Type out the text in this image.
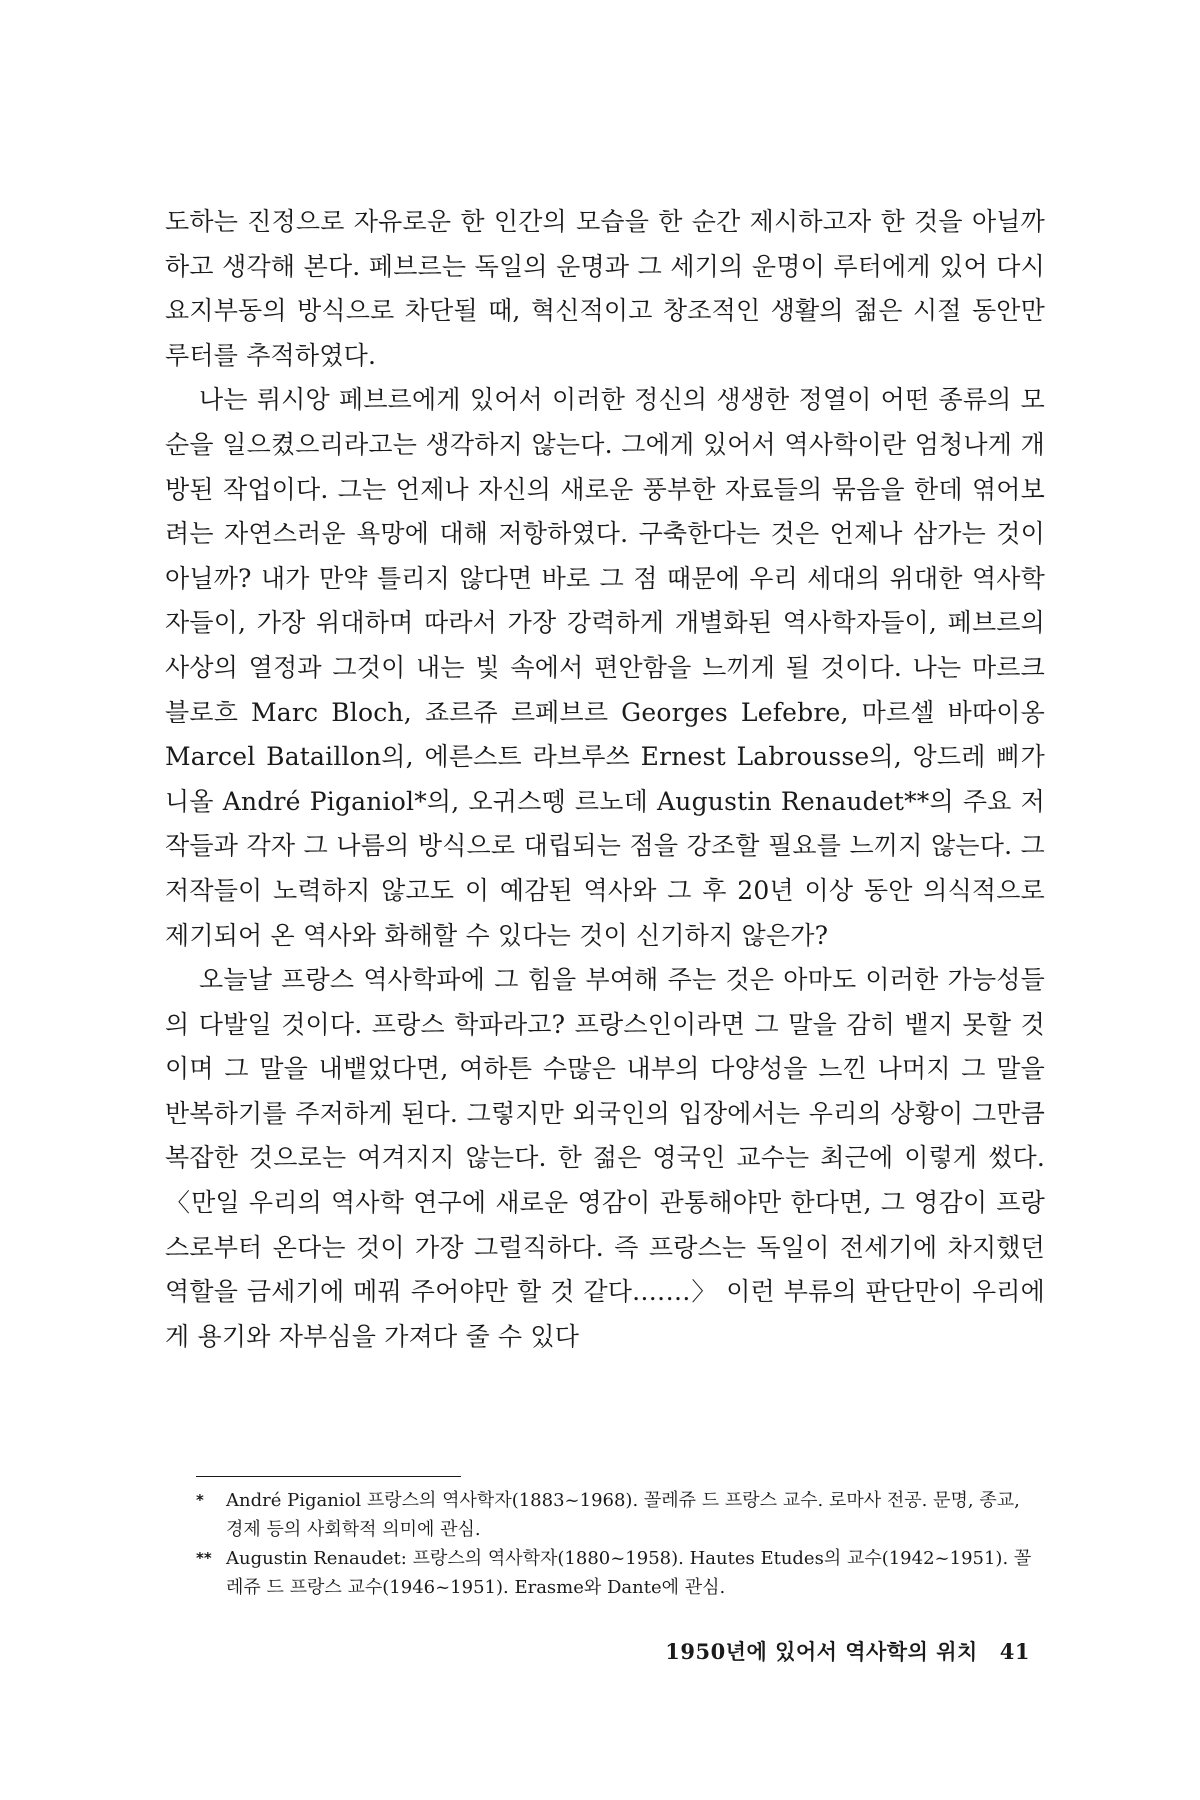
도하는 진정으로 자유로운 한 인간의 모습을 한 순간 제시하고자 한 것을 아닐까 하고 생각해 본다. 페브르는 독일의 운명과 그 세기의 운명이 루터에게 있어 다시 요지부동의 방식으로 차단될 때, 혁신적이고 창조적인 생활의 젊은 시절 동안만 루터를 추적하였다.

나는 뤼시앙 페브르에게 있어서 이러한 정신의 생생한 정열이 어떤 종류의 모순을 일으켰으리라고는 생각하지 않는다. 그에게 있어서 역사학이란 엄청나게 개방된 작업이다. 그는 언제나 자신의 새로운 풍부한 자료들의 묶음을 한데 엮어보려는 자연스러운 욕망에 대해 저항하였다. 구축한다는 것은 언제나 삼가는 것이 아닐까? 내가 만약 틀리지 않다면 바로 그 점 때문에 우리 세대의 위대한 역사학자들이, 가장 위대하며 따라서 가장 강력하게 개별화된 역사학자들이, 페브르의 사상의 열정과 그것이 내는 빛 속에서 편안함을 느끼게 될 것이다. 나는 마르크 블로흐 Marc Bloch, 죠르쥬 르페브르 Georges Lefebre, 마르셀 바따이옹 Marcel Bataillon의, 에른스트 라브루쓰 Ernest Labrousse의, 앙드레 삐가니올 André Piganiol*의, 오귀스뗑 르노데 Augustin Renaudet**의 주요 저작들과 각자 그 나름의 방식으로 대립되는 점을 강조할 필요를 느끼지 않는다. 그 저작들이 노력하지 않고도 이 예감된 역사와 그 후 20년 이상 동안 의식적으로 제기되어 온 역사와 화해할 수 있다는 것이 신기하지 않은가?

오늘날 프랑스 역사학파에 그 힘을 부여해 주는 것은 아마도 이러한 가능성들의 다발일 것이다. 프랑스 학파라고? 프랑스인이라면 그 말을 감히 뱉지 못할 것이며 그 말을 내뱉었다면, 여하튼 수많은 내부의 다양성을 느낀 나머지 그 말을 반복하기를 주저하게 된다. 그렇지만 외국인의 입장에서는 우리의 상황이 그만큼 복잡한 것으로는 여겨지지 않는다. 한 젊은 영국인 교수는 최근에 이렇게 썼다. 〈만일 우리의 역사학 연구에 새로운 영감이 관통해야만 한다면, 그 영감이 프랑스로부터 온다는 것이 가장 그럴직하다. 즉 프랑스는 독일이 전세기에 차지했던 역할을 금세기에 메꿔 주어야만 할 것 같다.……〉 이런 부류의 판단만이 우리에게 용기와 자부심을 가져다 줄 수 있다

*	André Piganiol 프랑스의 역사학자(1883~1968). 꼴레쥬 드 프랑스 교수. 로마사 전공. 문명, 종교, 경제 등의 사회학적 의미에 관심.
** Augustin Renaudet: 프랑스의 역사학자(1880~1958). Hautes Etudes의 교수(1942~1951). 꼴레쥬 드 프랑스 교수(1946~1951). Erasme와 Dante에 관심.
1950년에 있어서 역사학의 위치 41
